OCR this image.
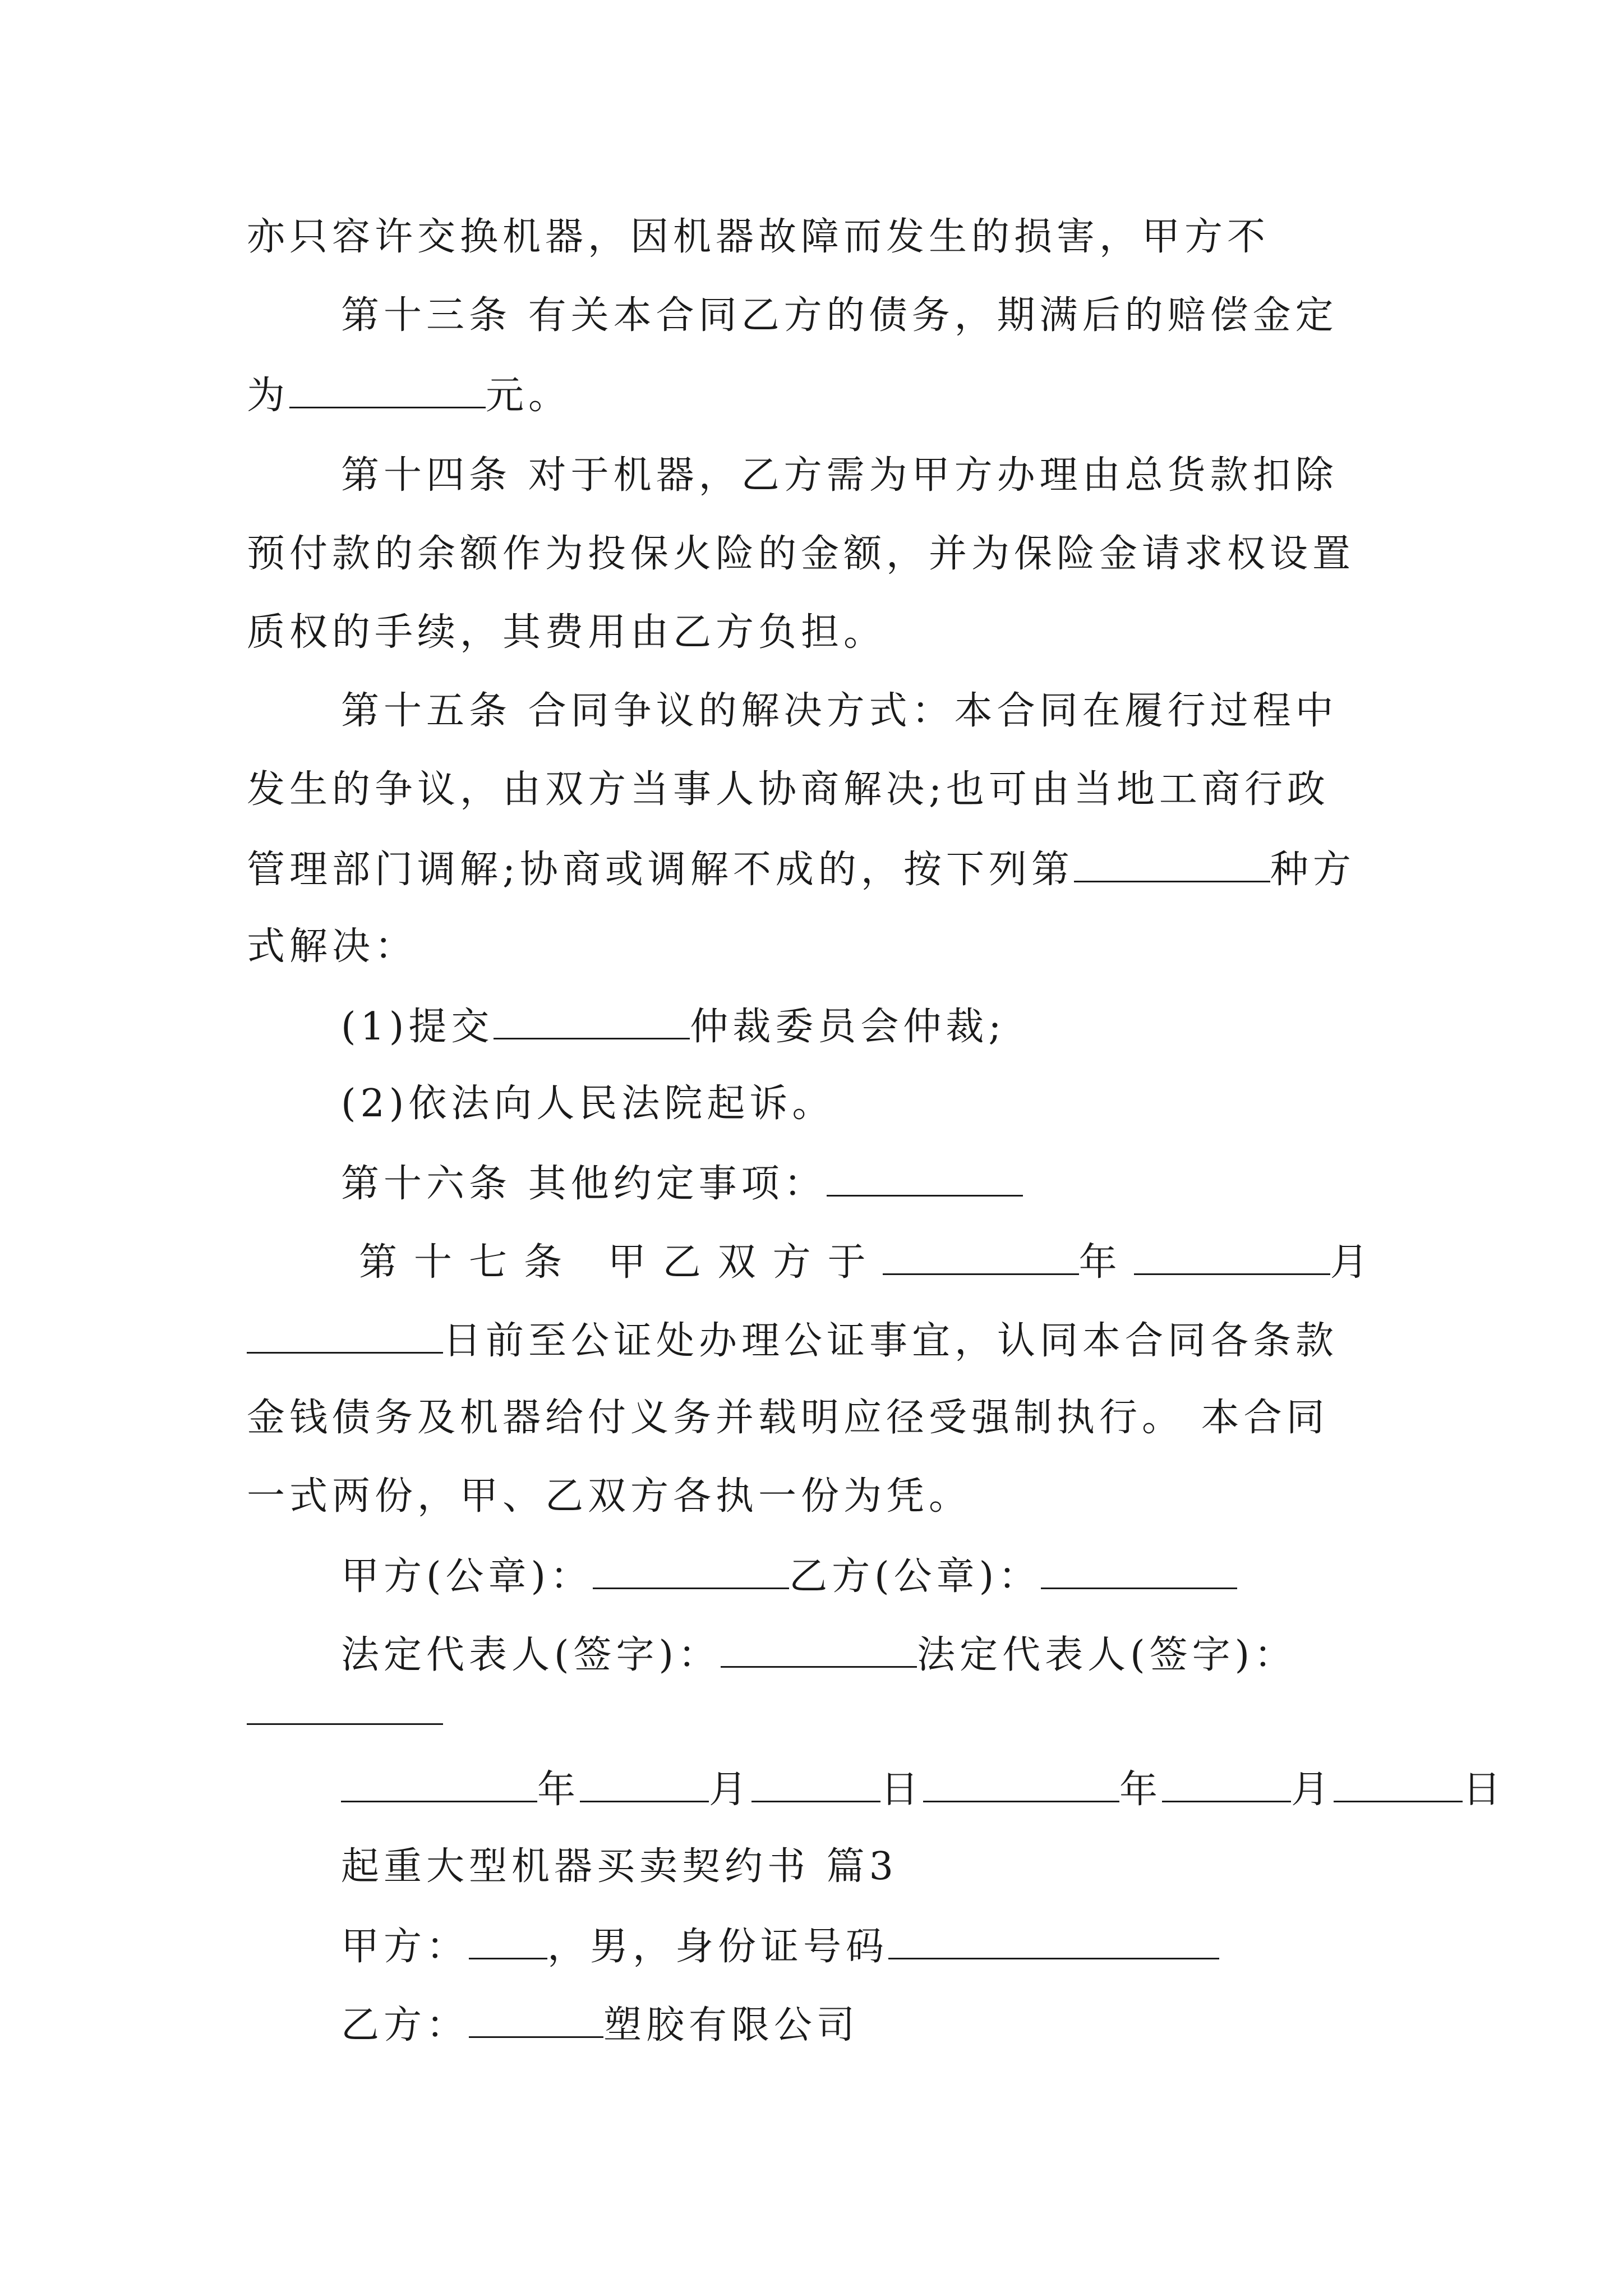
亦只容许交换机器，因机器故障而发生的损害，甲方不
第十三条 有关本合同乙方的债务，期满后的赔偿金定
为	元。
第十四条 对于机器，乙方需为甲方办理由总货款扣除
预付款的余额作为投保火险的金额，并为保险金请求权设置
质权的手续，其费用由乙方负担。
第十五条 合同争议的解决方式：本合同在履行过程中
发生的争议，由双方当事人协商解决;也可由当地工商行政
管理部门调解;协商或调解不成的，按下列第	种方
式解决：
(1)提交	仲裁委员会仲裁;
(2)依法向人民法院起诉。
第十六条 其他约定事项：
第十七条 甲乙双方于	年	月
日前至公证处办理公证事宜，认同本合同各条款
金钱债务及机器给付义务并载明应径受强制执行。 本合同
一式两份，甲、乙双方各执一份为凭。
甲方(公章)：	乙方(公章)：
法定代表人(签字)：	法定代表人(签字)：
年	月	日	年	月	日
起重大型机器买卖契约书 篇3
甲方： ，男，身份证号码
乙方：	塑胶有限公司
